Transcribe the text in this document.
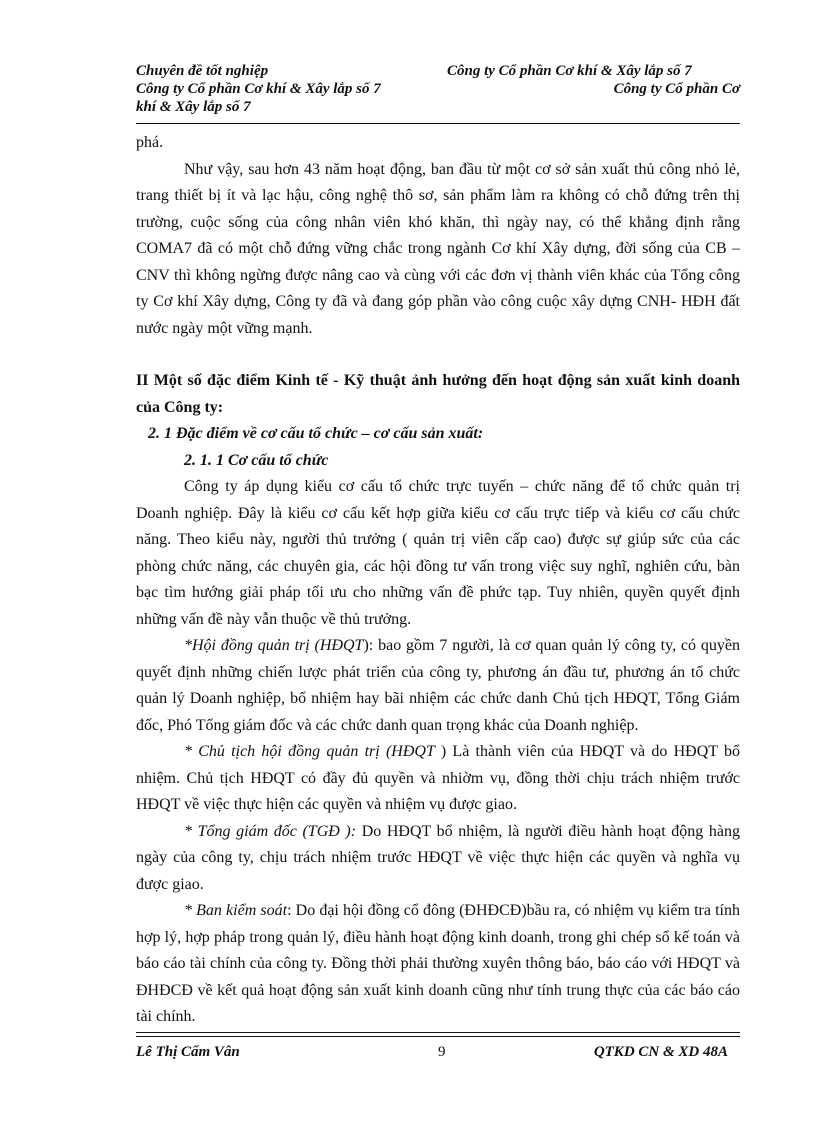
Chuyên đề tốt nghiệp	Công ty Cổ phần Cơ khí & Xây lắp số 7
Công ty Cổ phần Cơ khí & Xây lắp số 7	Công ty Cổ phần Cơ
khí & Xây lắp số 7

phá.

Như vậy, sau hơn 43 năm hoạt động, ban đầu từ một cơ sở sản xuất thủ công nhỏ lẻ, trang thiết bị ít và lạc hậu, công nghệ thô sơ, sản phẩm làm ra không có chỗ đứng trên thị trường, cuộc sống của công nhân viên khó khăn, thì ngày nay, có thể khẳng định rằng COMA7 đã có một chỗ đứng vững chắc trong ngành Cơ khí Xây dựng, đời sống của CB – CNV thì không ngừng được nâng cao và cùng với các đơn vị thành viên khác của Tổng công ty Cơ khí Xây dựng, Công ty đã và đang góp phần vào công cuộc xây dựng CNH- HĐH đất nước ngày một vững mạnh.

II Một số đặc điểm Kinh tế - Kỹ thuật ảnh hưởng đến hoạt động sản xuất kinh doanh của Công ty:

2. 1 Đặc điểm về cơ cấu tổ chức – cơ cấu sản xuất:

2. 1. 1 Cơ cấu tổ chức

Công ty áp dụng kiểu cơ cấu tổ chức trực tuyến – chức năng để tổ chức quản trị Doanh nghiệp. Đây là kiểu cơ cấu kết hợp giữa kiểu cơ cấu trực tiếp và kiểu cơ cấu chức năng. Theo kiểu này, người thủ trưởng ( quản trị viên cấp cao) được sự giúp sức của các phòng chức năng, các chuyên gia, các hội đồng tư vấn trong việc suy nghĩ, nghiên cứu, bàn bạc tìm hướng giải pháp tối ưu cho những vấn đề phức tạp. Tuy nhiên, quyền quyết định những vấn đề này vẫn thuộc về thủ trưởng.

*Hội đồng quản trị (HĐQT): bao gồm 7 người, là cơ quan quản lý công ty, có quyền quyết định những chiến lược phát triển của công ty, phương án đầu tư, phương án tổ chức quản lý Doanh nghiệp, bổ nhiệm hay bãi nhiệm các chức danh Chủ tịch HĐQT, Tổng Giám đốc, Phó Tổng giám đốc và các chức danh quan trọng khác của Doanh nghiệp.

* Chủ tịch hội đồng quản trị (HĐQT ) Là thành viên của HĐQT và do HĐQT bổ nhiệm. Chủ tịch HĐQT có đầy đủ quyền và nhiờm vụ, đồng thời chịu trách nhiệm trước HĐQT về việc thực hiện các quyền và nhiệm vụ được giao.

* Tổng giám đốc (TGĐ ): Do HĐQT bổ nhiệm, là người điều hành hoạt động hàng ngày của công ty, chịu trách nhiệm trước HĐQT về việc thực hiện các quyền và nghĩa vụ được giao.

* Ban kiểm soát: Do đại hội đồng cổ đông (ĐHĐCĐ)bầu ra, có nhiệm vụ kiểm tra tính hợp lý, hợp pháp trong quản lý, điều hành hoạt động kinh doanh, trong ghi chép sổ kế toán và báo cáo tài chính của công ty. Đồng thời phải thường xuyên thông báo, báo cáo với HĐQT và ĐHĐCĐ về kết quả hoạt động sản xuất kinh doanh cũng như tính trung thực của các báo cáo tài chính.

Lê Thị Cẩm Vân	9	QTKD CN & XD 48A
